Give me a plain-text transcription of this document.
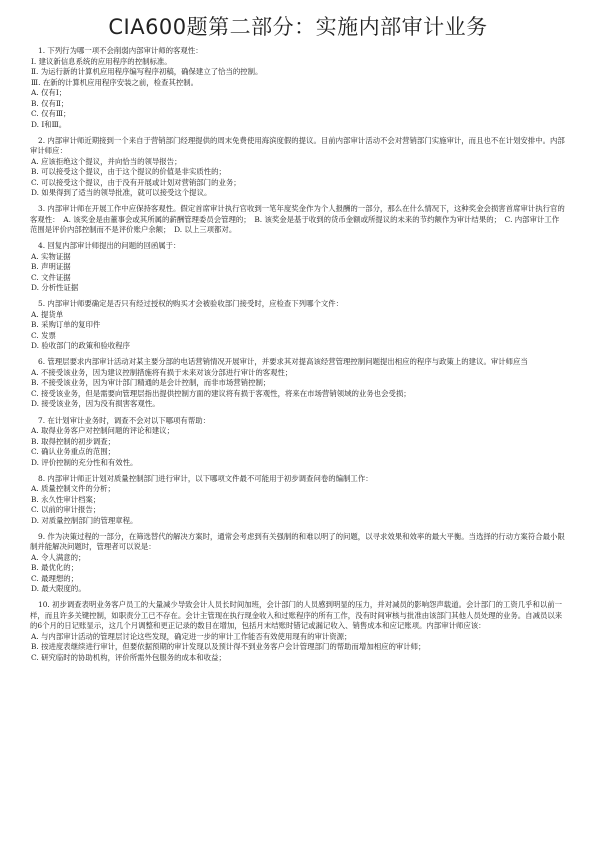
CIA600题第二部分：实施内部审计业务

1. 下列行为哪一项不会削弱内部审计师的客观性：

Ⅰ. 建议新信息系统的应用程序的控制标准。

Ⅱ. 为运行新的计算机应用程序编写程序初稿，确保建立了恰当的控制。

Ⅲ. 在新的计算机应用程序安装之前，检查其控制。

A. 仅有Ⅰ；

B. 仅有Ⅱ；

C. 仅有Ⅲ；

D. Ⅰ和Ⅲ。

2. 内部审计师近期接到一个来自于营销部门经理提供的周末免费使用海滨度假的提议。目前内部审计活动不会对营销部门实施审计，而且也不在计划安排中。内部审计师应：

A. 应该拒绝这个提议，并向恰当的领导报告；

B. 可以接受这个提议，由于这个提议的价值是非实质性的；

C. 可以接受这个提议，由于没有开展或计划对营销部门的业务；

D. 如果得到了适当的领导批准，就可以接受这个提议。

3. 内部审计师在开展工作中应保持客观性。假定首席审计执行官收到一笔年度奖金作为个人报酬的一部分，那么在什么情况下，这种奖金会损害首席审计执行官的客观性：　A. 该奖金是由董事会或其所属的薪酬管理委员会管理的；　B. 该奖金是基于收到的货币金额或所提议的未来的节约额作为审计结果的；　C. 内部审计工作范围是评价内部控制而不是评价账户余额；　D. 以上三项都对。

4. 回复内部审计师提出的问题的回函属于：

A. 实物证据

B. 声明证据

C. 文件证据

D. 分析性证据

5. 内部审计师要确定是否只有经过授权的购买才会被验收部门接受时，应检查下列哪个文件：

A. 提货单

B. 采购订单的复印件

C. 发票

D. 验收部门的政策和验收程序

6. 管理层要求内部审计活动对某主要分部的电话营销情况开展审计，并要求其对提高该经营管理控制问题提出相应的程序与政策上的建议。审计师应当

A. 不接受该业务，因为建议控制措施将有损于未来对该分部进行审计的客观性；

B. 不接受该业务，因为审计部门精通的是会计控制，而非市场营销控制；

C. 接受该业务，但是需要向管理层指出提供控制方面的建议将有损于客观性，将来在市场营销领域的业务也会受损；

D. 接受该业务，因为没有损害客观性。

7. 在计划审计业务时，调查不会对以下哪项有帮助：

A. 取得业务客户对控制问题的评论和建议；

B. 取得控制的初步调查；

C. 确认业务重点的范围；

D. 评价控制的充分性和有效性。

8. 内部审计师正计划对质量控制部门进行审计，以下哪项文件最不可能用于初步调查问卷的编制工作：

A. 质量控制文件的分析；

B. 永久性审计档案；

C. 以前的审计报告；

D. 对质量控制部门的管理章程。

9. 作为决策过程的一部分，在筛选替代的解决方案时，通常会考虑到有关强制的和难以明了的问题，以寻求效果和效率的最大平衡。当选择的行动方案符合最小限制并能解决问题时，管理者可以说是：

A. 令人满意的；

B. 最优化的；

C. 最理想的；

D. 最大限度的。

10. 初步调查表明业务客户员工的大量减少导致会计人员长时间加班，会计部门的人员感到明显的压力，并对减员的影响怨声载道。会计部门的工资几乎和以前一样，而且许多关键控制，如职责分工已不存在。会计主管现在执行现金收入和过账程序的所有工作，没有时间审核与批准由该部门其他人员处理的业务。自减员以来的6个月的日记账显示，这几个月调整和更正记录的数目在增加，包括月末结账时错记或漏记收入、销售成本和应记账项。内部审计师应该：

A. 与内部审计活动的管理层讨论这些发现，确定进一步的审计工作能否有效使用现有的审计资源；

B. 按进度表继续进行审计，但要依据预期的审计发现以及预计得不到业务客户会计管理部门的帮助而增加相应的审计师；

C. 研究临时的协助机构，评价所需外包服务的成本和收益；
